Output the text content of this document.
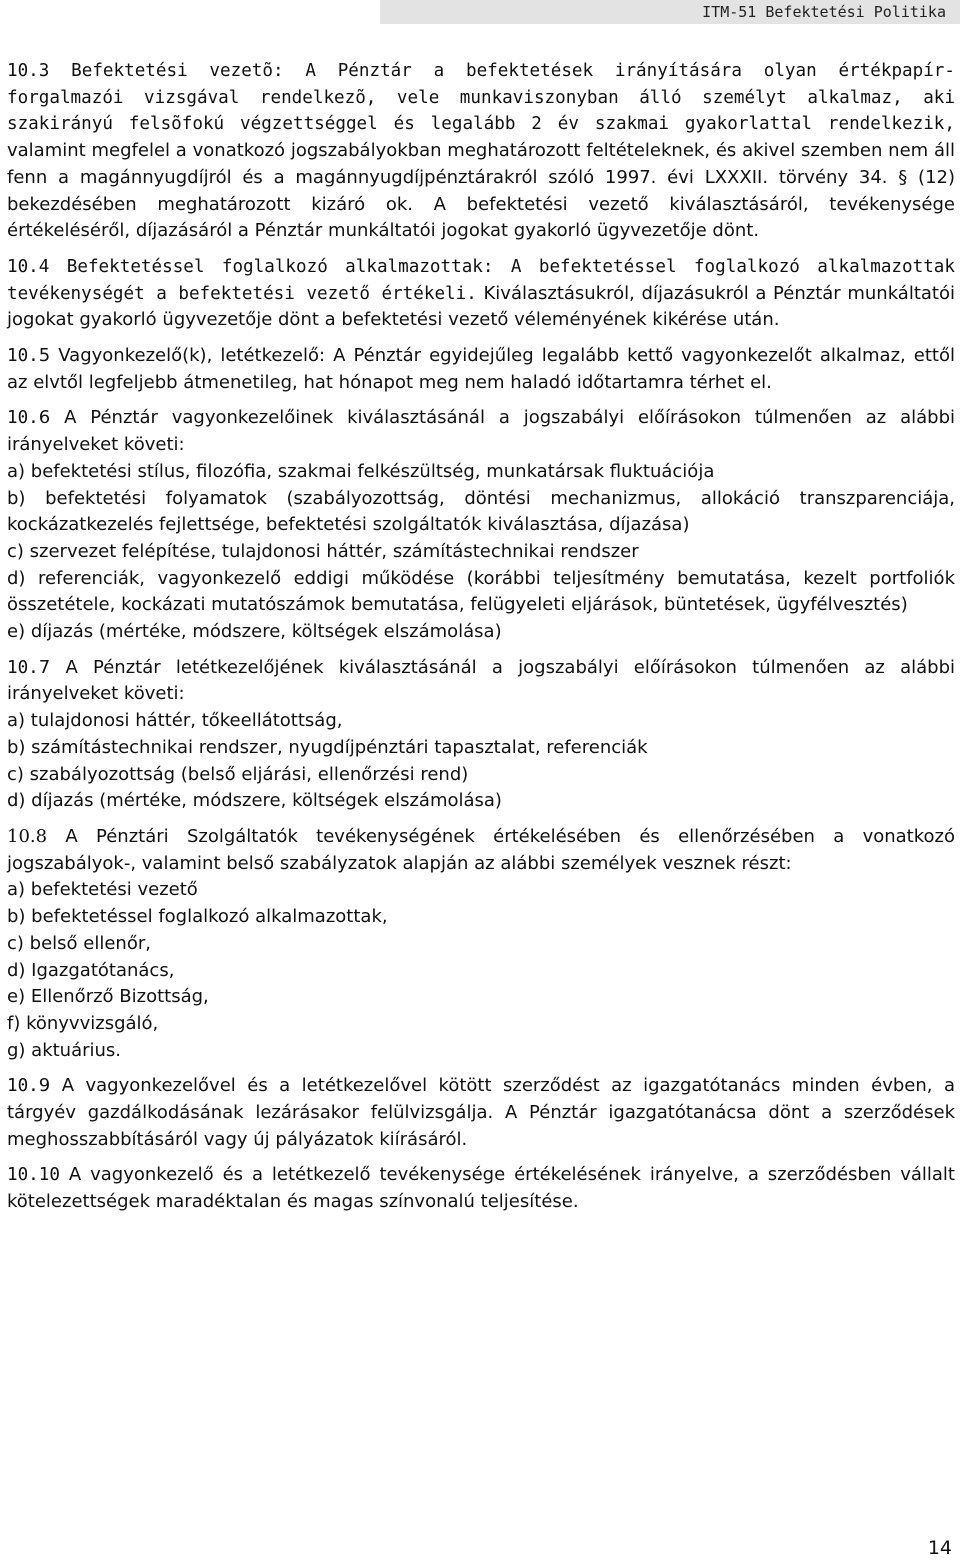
ITM-51 Befektetési Politika

10.3 Befektetési vezetõ: A Pénztár a befektetések irányítására olyan értékpapír-forgalmazói vizsgával rendelkezõ, vele munkaviszonyban álló személyt alkalmaz, aki szakirányú felsõfokú végzettséggel és legalább 2 év szakmai gyakorlattal rendelkezik, valamint megfelel a vonatkozó jogszabályokban meghatározott feltételeknek, és akivel szemben nem áll fenn a magánnyugdíjról és a magánnyugdíjpénztárakról szóló 1997. évi LXXXII. törvény 34. § (12) bekezdésében meghatározott kizáró ok. A befektetési vezető kiválasztásáról, tevékenysége értékeléséről, díjazásáról a Pénztár munkáltatói jogokat gyakorló ügyvezetője dönt.

10.4 Befektetéssel foglalkozó alkalmazottak: A befektetéssel foglalkozó alkalmazottak tevékenységét a befektetési vezető értékeli. Kiválasztásukról, díjazásukról a Pénztár munkáltatói jogokat gyakorló ügyvezetője dönt a befektetési vezető véleményének kikérése után.

10.5 Vagyonkezelő(k), letétkezelő: A Pénztár egyidejűleg legalább kettő vagyonkezelőt alkalmaz, ettől az elvtől legfeljebb átmenetileg, hat hónapot meg nem haladó időtartamra térhet el.

10.6 A Pénztár vagyonkezelőinek kiválasztásánál a jogszabályi előírásokon túlmenően az alábbi irányelveket követi:

a) befektetési stílus, filozófia, szakmai felkészültség, munkatársak fluktuációja

b) befektetési folyamatok (szabályozottság, döntési mechanizmus, allokáció transzparenciája, kockázatkezelés fejlettsége, befektetési szolgáltatók kiválasztása, díjazása)

c) szervezet felépítése, tulajdonosi háttér, számítástechnikai rendszer

d) referenciák, vagyonkezelő eddigi működése (korábbi teljesítmény bemutatása, kezelt portfoliók összetétele, kockázati mutatószámok bemutatása, felügyeleti eljárások, büntetések, ügyfélvesztés)

e) díjazás (mértéke, módszere, költségek elszámolása)

10.7 A Pénztár letétkezelőjének kiválasztásánál a jogszabályi előírásokon túlmenően az alábbi irányelveket követi:

a) tulajdonosi háttér, tőkeellátottság,

b) számítástechnikai rendszer, nyugdíjpénztári tapasztalat, referenciák

c) szabályozottság (belső eljárási, ellenőrzési rend)

d) díjazás (mértéke, módszere, költségek elszámolása)

10.8 A Pénztári Szolgáltatók tevékenységének értékelésében és ellenőrzésében a vonatkozó jogszabályok-, valamint belső szabályzatok alapján az alábbi személyek vesznek részt:

a) befektetési vezető

b) befektetéssel foglalkozó alkalmazottak,

c) belső ellenőr,

d) Igazgatótanács,

e) Ellenőrző Bizottság,

f) könyvvizsgáló,

g) aktuárius.

10.9 A vagyonkezelővel és a letétkezelővel kötött szerződést az igazgatótanács minden évben, a tárgyév gazdálkodásának lezárásakor felülvizsgálja. A Pénztár igazgatótanácsa dönt a szerződések meghosszabbításáról vagy új pályázatok kiírásáról.

10.10 A vagyonkezelő és a letétkezelő tevékenysége értékelésének irányelve, a szerződésben vállalt kötelezettségek maradéktalan és magas színvonalú teljesítése.

14
